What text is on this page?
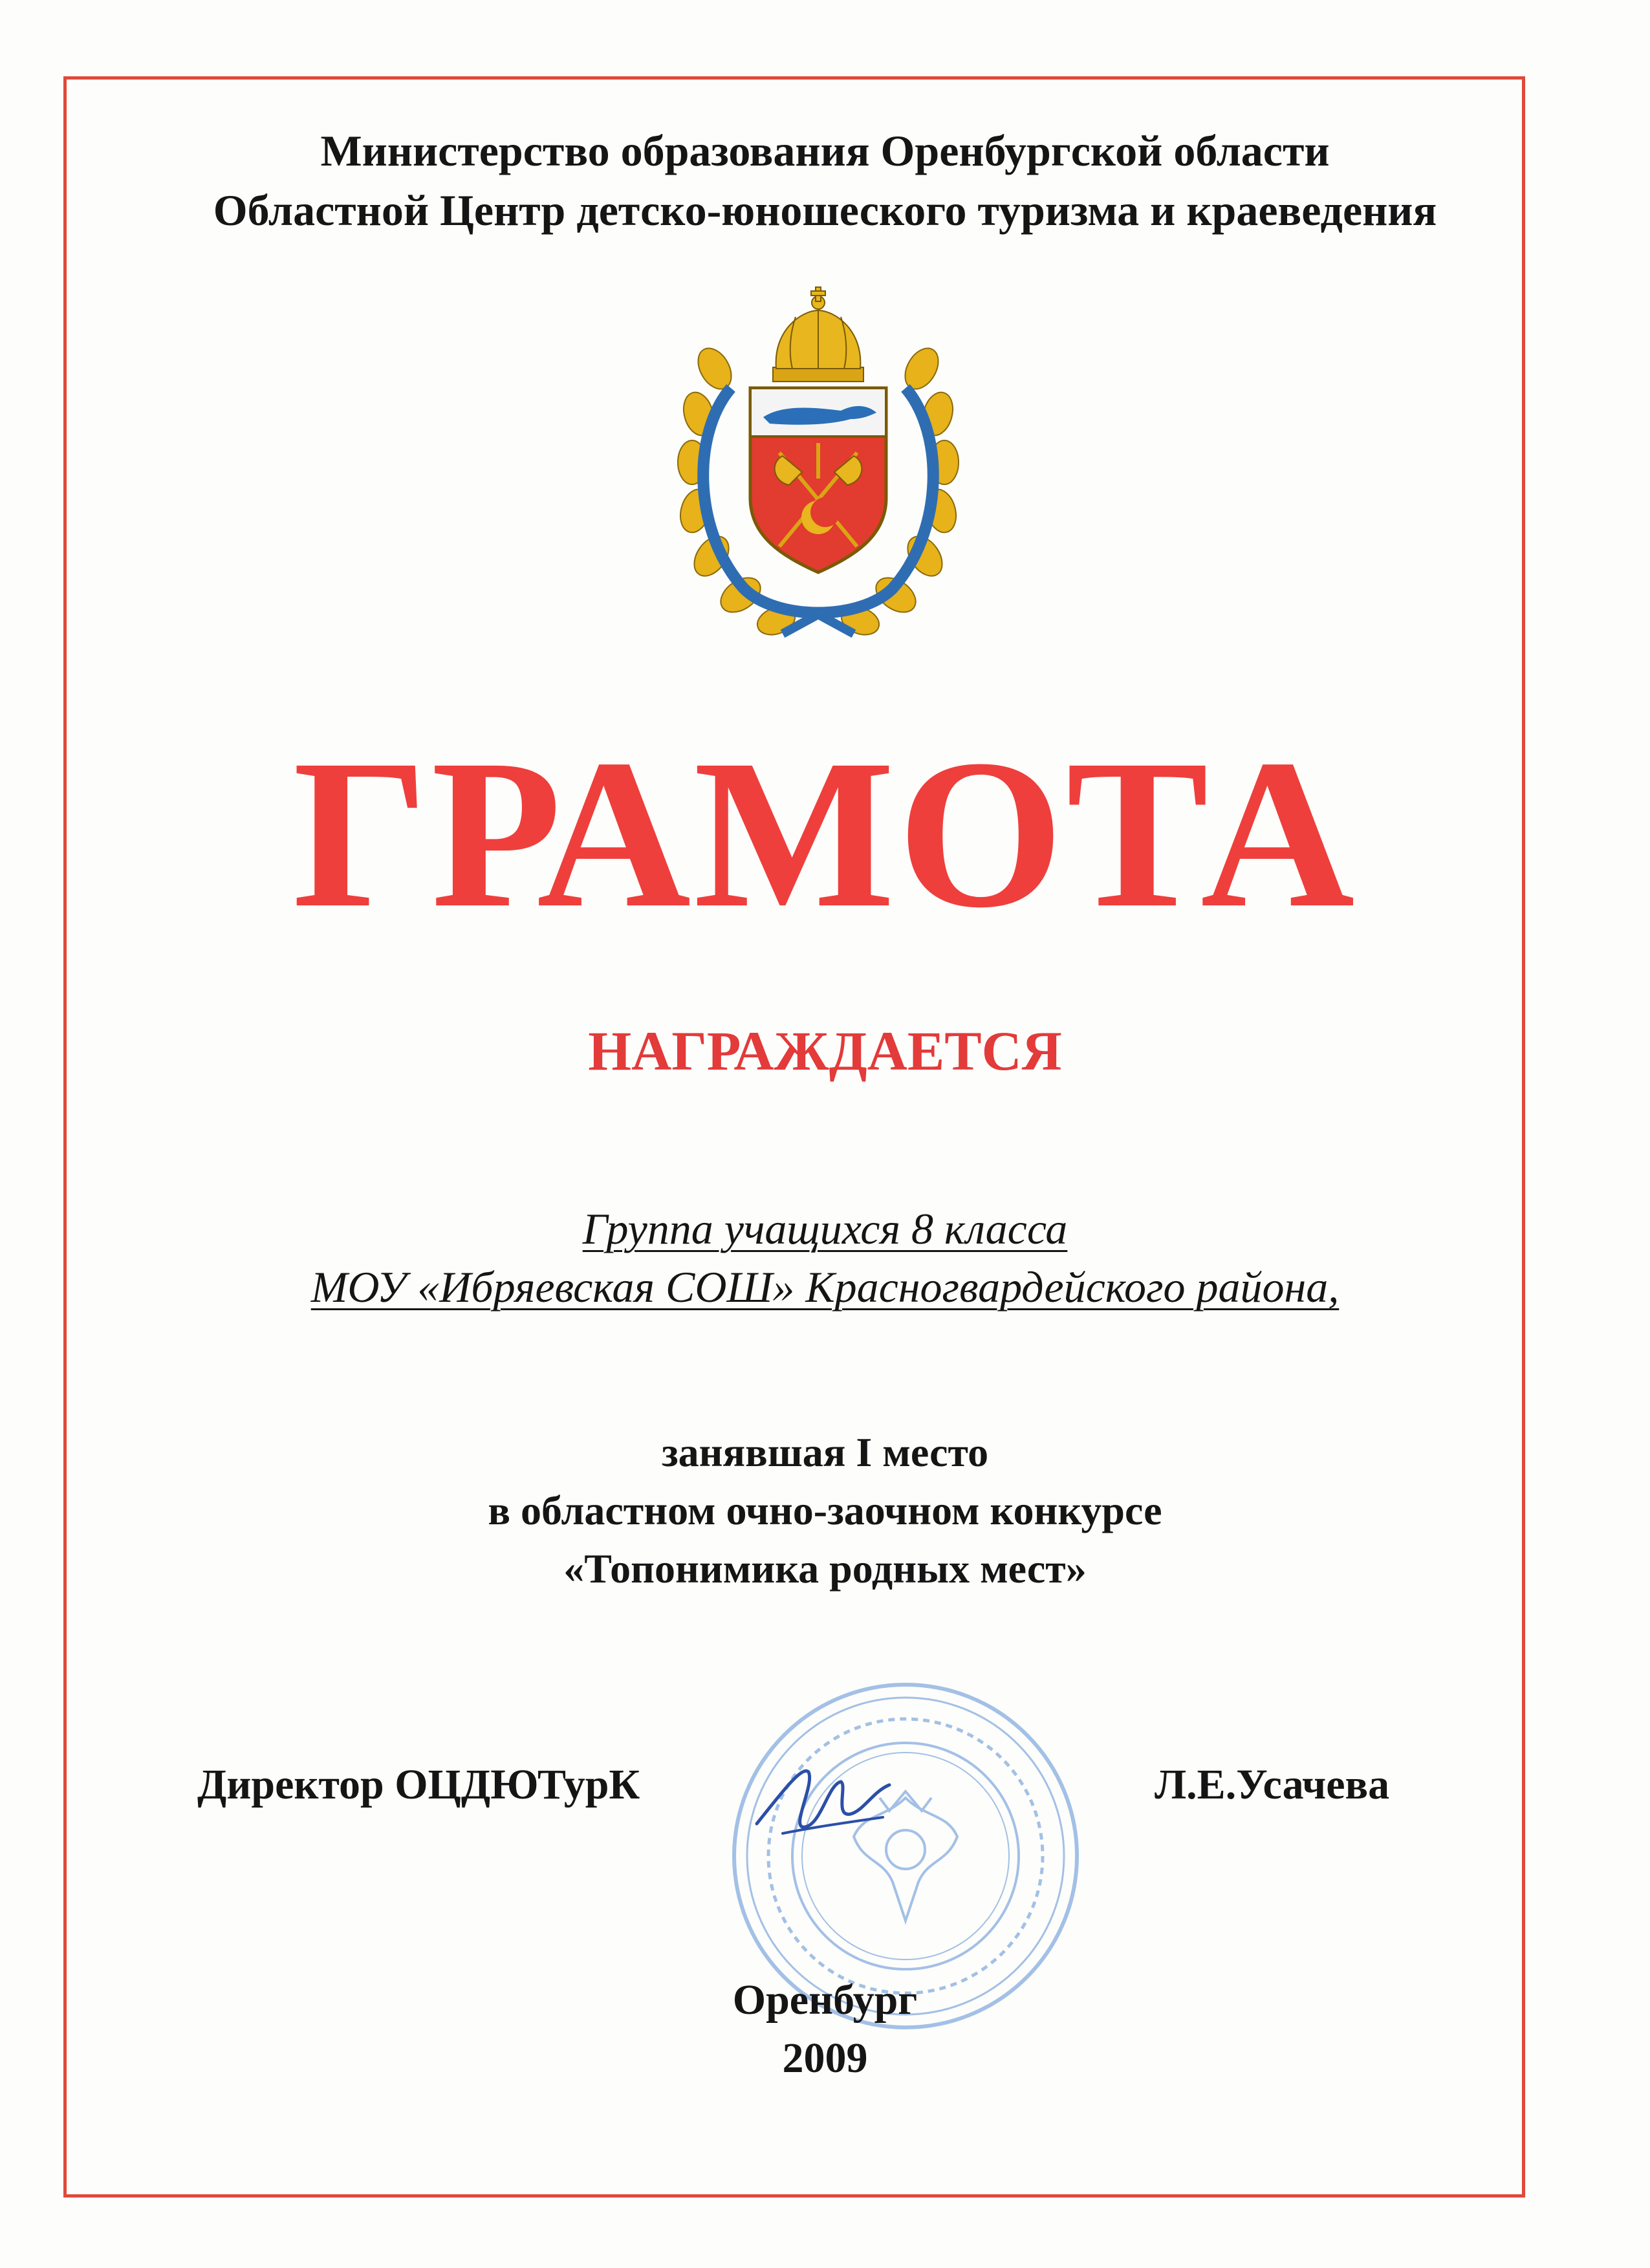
Министерство образования Оренбургской области
Областной Центр детско-юношеского туризма и краеведения
ГРАМОТА
НАГРАЖДАЕТСЯ
Группа учащихся 8 класса
МОУ «Ибряевская СОШ» Красногвардейского района,
занявшая I место
в областном очно-заочном конкурсе
«Топонимика родных мест»
Директор ОЦДЮТурК	Л.Е.Усачева
Оренбург
2009
